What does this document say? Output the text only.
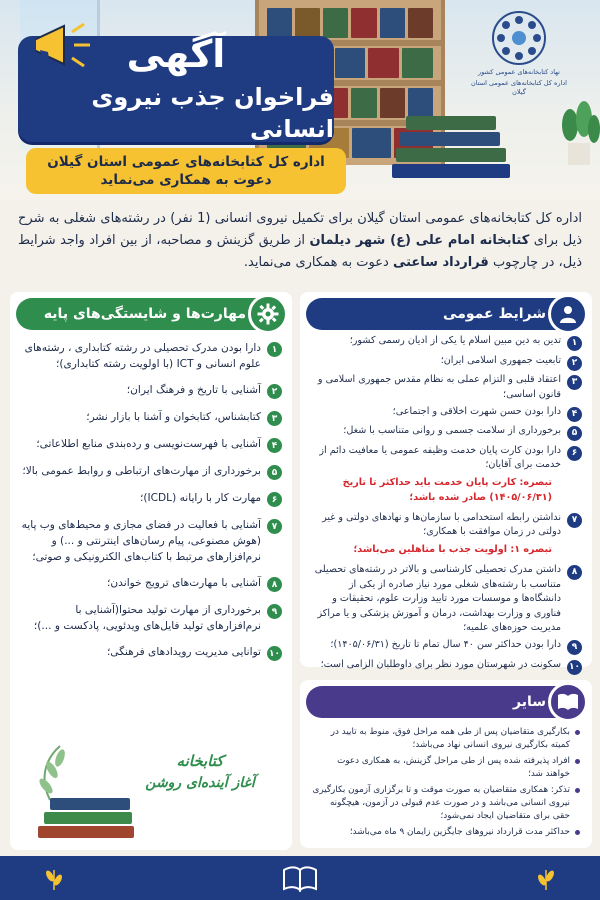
آگهی
فراخوان جذب نیروی انسانی
اداره کل کتابخانه‌های عمومی استان گیلان
دعوت به همکاری می‌نماید
نهاد کتابخانه‌های عمومی کشور
اداره کل کتابخانه‌های عمومی استان گیلان

اداره کل کتابخانه‌های عمومی استان گیلان برای تکمیل نیروی انسانی (1 نفر) در رشته‌های شغلی به شرح ذیل برای کتابخانه امام علی (ع) شهر دیلمان از طریق گزینش و مصاحبه، از بین افراد واجد شرایط ذیل، در چارچوب قرارداد ساعتی دعوت به همکاری می‌نماید.

شرایط عمومی
۱
تدین به دین مبین اسلام یا یکی از ادیان رسمی کشور؛
۲
تابعیت جمهوری اسلامی ایران؛
۳
اعتقاد قلبی و التزام عملی به نظام مقدس جمهوری اسلامی و قانون اساسی؛
۴
دارا بودن حسن شهرت اخلاقی و اجتماعی؛
۵
برخورداری از سلامت جسمی و روانی متناسب با شغل؛
۶
دارا بودن کارت پایان خدمت وظیفه عمومی یا معافیت دائم از خدمت برای آقایان؛
تبصره: کارت پایان خدمت باید حداکثر تا تاریخ (۱۴۰۵/۰۶/۳۱) صادر شده باشد؛
۷
نداشتن رابطه استخدامی با سازمان‌ها و نهادهای دولتی و غیر دولتی در زمان موافقت با همکاری؛
تبصره ۱: اولویت جذب با متاهلین می‌باشد؛
۸
داشتن مدرک تحصیلی کارشناسی و بالاتر در رشته‌های تحصیلی متناسب با رشته‌های شغلی مورد نیاز صادره از یکی از دانشگاه‌ها و موسسات مورد تایید وزارت علوم، تحقیقات و فناوری و وزارت بهداشت، درمان و آموزش پزشکی و یا مراکز مدیریت حوزه‌های علمیه؛
۹
دارا بودن حداکثر سن ۴۰ سال تمام تا تاریخ (۱۴۰۵/۰۶/۳۱)؛
۱۰
سکونت در شهرستان مورد نظر برای داوطلبان الزامی است؛
مهارت‌ها و شایستگی‌های پایه
۱
دارا بودن مدرک تحصیلی در رشته کتابداری ، رشته‌های علوم انسانی و ICT (با اولویت رشته کتابداری)؛
۲
آشنایی با تاریخ و فرهنگ ایران؛
۳
کتابشناس، کتابخوان و آشنا با بازار نشر؛
۴
آشنایی با فهرست‌نویسی و رده‌بندی منابع اطلاعاتی؛
۵
برخورداری از مهارت‌های ارتباطی و روابط عمومی بالا؛
۶
مهارت کار با رایانه (ICDL)؛
۷
آشنایی با فعالیت در فضای مجازی و محیط‌های وب پایه (هوش مصنوعی، پیام رسان‌های اینترنتی و ...) و نرم‌افزارهای مرتبط با کتاب‌های الکترونیکی و صوتی؛
۸
آشنایی با مهارت‌های ترویج خواندن؛
۹
برخورداری از مهارت تولید محتوا(آشنایی با نرم‌افزارهای تولید فایل‌های ویدئویی، پادکست و ...)؛
۱۰
توانایی مدیریت رویدادهای فرهنگی؛
کتابخانه
آغاز آینده‌ای روشن
سایر
بکارگیری متقاضیان پس از طی همه مراحل فوق، منوط به تایید در کمیته بکارگیری نیروی انسانی نهاد می‌باشد؛
افراد پذیرفته شده پس از طی مراحل گزینش، به همکاری دعوت خواهند شد؛
تذکر: همکاری متقاضیان به صورت موقت و تا برگزاری آزمون بکارگیری نیروی انسانی می‌باشد و در صورت عدم قبولی در آزمون، هیچگونه حقی برای متقاضیان ایجاد نمی‌شود؛
حداکثر مدت قرارداد نیروهای جایگزین زایمان ۹ ماه می‌باشد؛
